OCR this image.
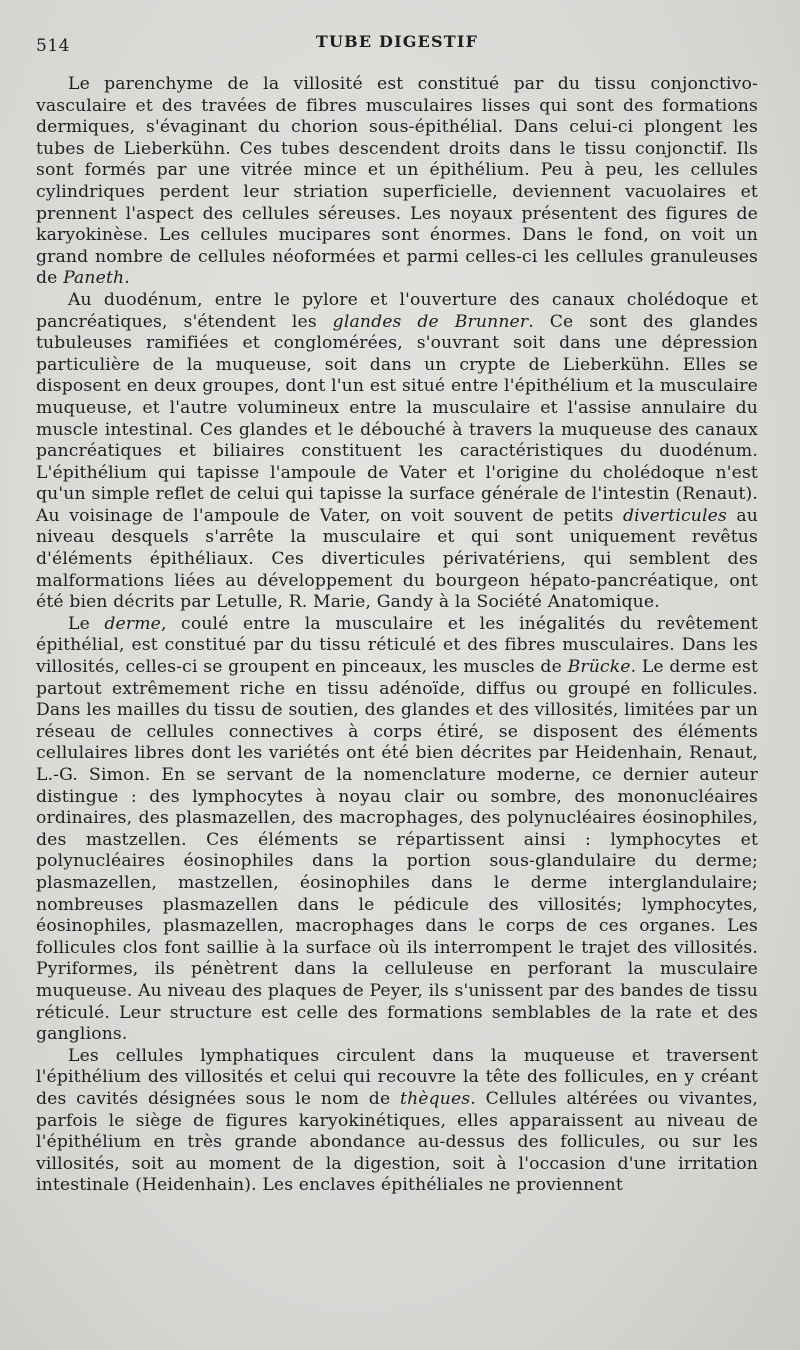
514	TUBE DIGESTIF

Le parenchyme de la villosité est constitué par du tissu conjonctivo-vasculaire et des travées de fibres musculaires lisses qui sont des formations dermiques, s'évaginant du chorion sous-épithélial. Dans celui-ci plongent les tubes de Lieberkühn. Ces tubes descendent droits dans le tissu conjonctif. Ils sont formés par une vitrée mince et un épithélium. Peu à peu, les cellules cylindriques perdent leur striation superficielle, deviennent vacuolaires et prennent l'aspect des cellules séreuses. Les noyaux présentent des figures de karyokinèse. Les cellules mucipares sont énormes. Dans le fond, on voit un grand nombre de cellules néoformées et parmi celles-ci les cellules granuleuses de Paneth.

Au duodénum, entre le pylore et l'ouverture des canaux cholédoque et pancréatiques, s'étendent les glandes de Brunner. Ce sont des glandes tubuleuses ramifiées et conglomérées, s'ouvrant soit dans une dépression particulière de la muqueuse, soit dans un crypte de Lieberkühn. Elles se disposent en deux groupes, dont l'un est situé entre l'épithélium et la musculaire muqueuse, et l'autre volumineux entre la musculaire et l'assise annulaire du muscle intestinal. Ces glandes et le débouché à travers la muqueuse des canaux pancréatiques et biliaires constituent les caractéristiques du duodénum. L'épithélium qui tapisse l'ampoule de Vater et l'origine du cholédoque n'est qu'un simple reflet de celui qui tapisse la surface générale de l'intestin (Renaut). Au voisinage de l'ampoule de Vater, on voit souvent de petits diverticules au niveau desquels s'arrête la musculaire et qui sont uniquement revêtus d'éléments épithéliaux. Ces diverticules périvatériens, qui semblent des malformations liées au développement du bourgeon hépato-pancréatique, ont été bien décrits par Letulle, R. Marie, Gandy à la Société Anatomique.

Le derme, coulé entre la musculaire et les inégalités du revêtement épithélial, est constitué par du tissu réticulé et des fibres musculaires. Dans les villosités, celles-ci se groupent en pinceaux, les muscles de Brücke. Le derme est partout extrêmement riche en tissu adénoïde, diffus ou groupé en follicules. Dans les mailles du tissu de soutien, des glandes et des villosités, limitées par un réseau de cellules connectives à corps étiré, se disposent des éléments cellulaires libres dont les variétés ont été bien décrites par Heidenhain, Renaut, L.-G. Simon. En se servant de la nomenclature moderne, ce dernier auteur distingue : des lymphocytes à noyau clair ou sombre, des mononucléaires ordinaires, des plasmazellen, des macrophages, des polynucléaires éosinophiles, des mastzellen. Ces éléments se répartissent ainsi : lymphocytes et polynucléaires éosinophiles dans la portion sous-glandulaire du derme; plasmazellen, mastzellen, éosinophiles dans le derme interglandulaire; nombreuses plasmazellen dans le pédicule des villosités; lymphocytes, éosinophiles, plasmazellen, macrophages dans le corps de ces organes. Les follicules clos font saillie à la surface où ils interrompent le trajet des villosités. Pyriformes, ils pénètrent dans la celluleuse en perforant la musculaire muqueuse. Au niveau des plaques de Peyer, ils s'unissent par des bandes de tissu réticulé. Leur structure est celle des formations semblables de la rate et des ganglions.

Les cellules lymphatiques circulent dans la muqueuse et traversent l'épithélium des villosités et celui qui recouvre la tête des follicules, en y créant des cavités désignées sous le nom de thèques. Cellules altérées ou vivantes, parfois le siège de figures karyokinétiques, elles apparaissent au niveau de l'épithélium en très grande abondance au-dessus des follicules, ou sur les villosités, soit au moment de la digestion, soit à l'occasion d'une irritation intestinale (Heidenhain). Les enclaves épithéliales ne proviennent
